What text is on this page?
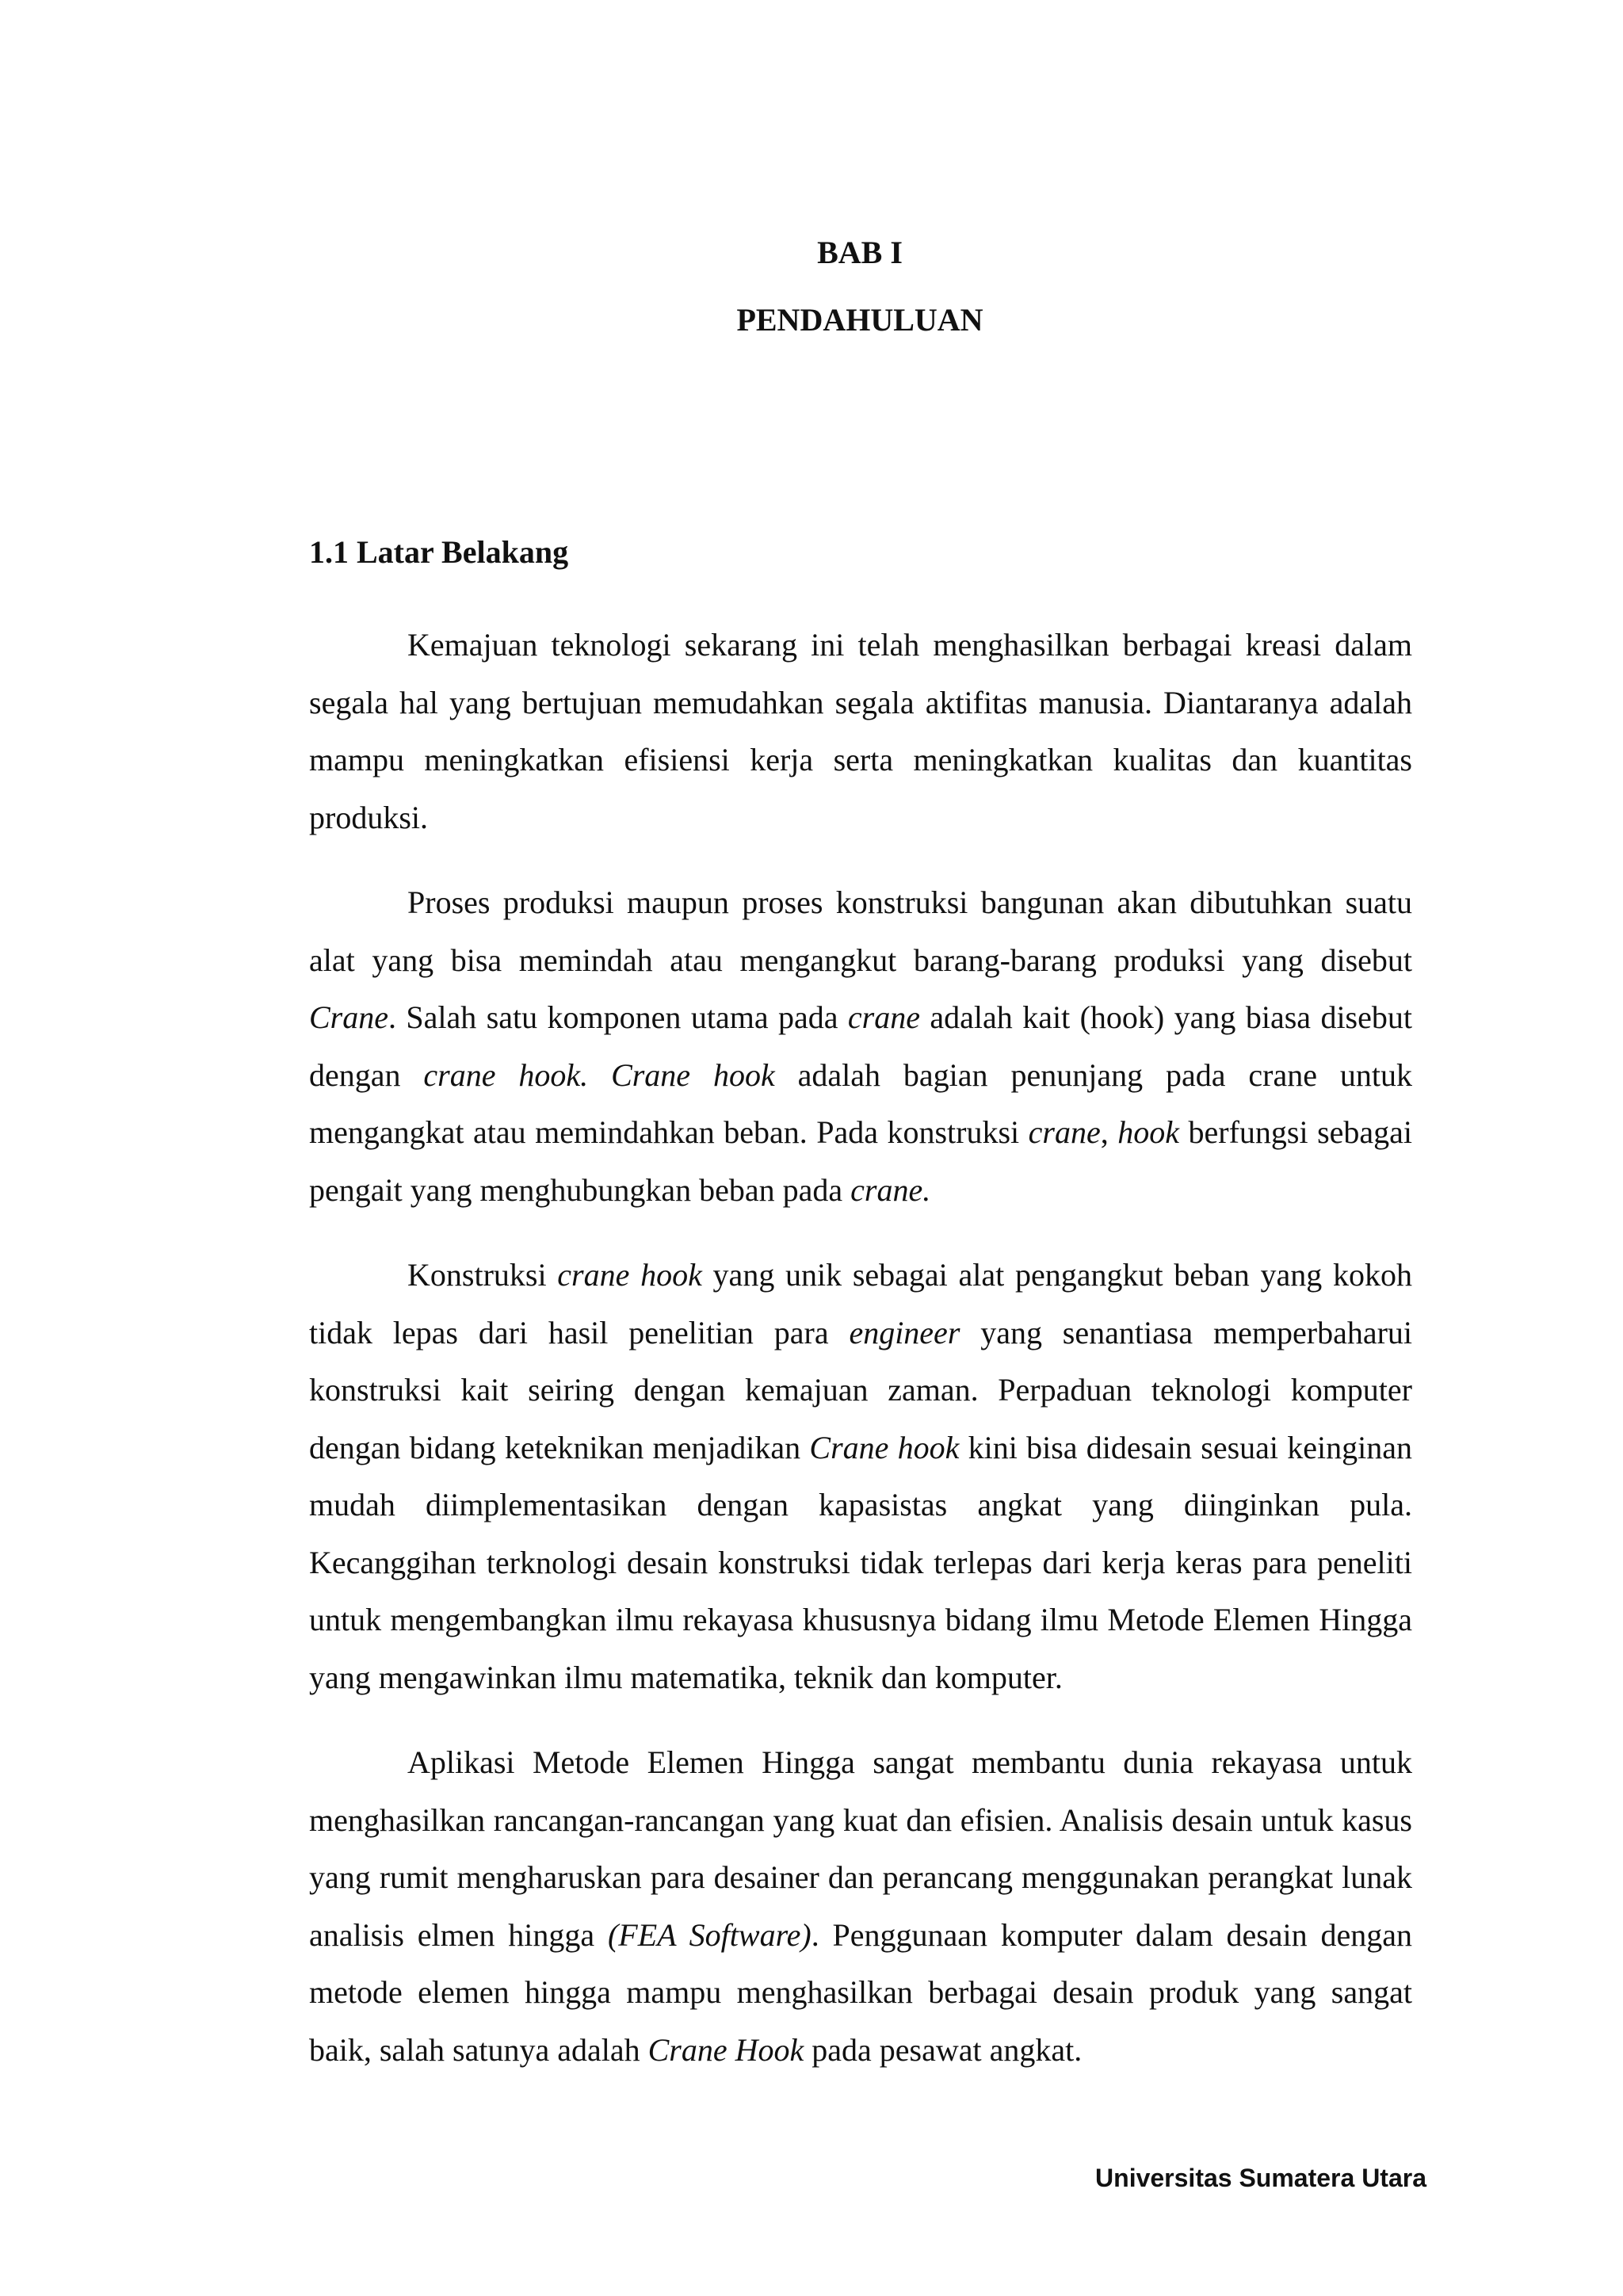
BAB I
PENDAHULUAN
1.1 Latar Belakang

Kemajuan teknologi sekarang ini telah menghasilkan berbagai kreasi dalam segala hal yang bertujuan memudahkan segala aktifitas manusia. Diantaranya adalah mampu meningkatkan efisiensi kerja serta meningkatkan kualitas dan kuantitas produksi.

Proses produksi maupun proses konstruksi bangunan akan dibutuhkan suatu alat yang bisa memindah atau mengangkut barang-barang produksi yang disebut Crane. Salah satu komponen utama pada crane adalah kait (hook) yang biasa disebut dengan crane hook. Crane hook adalah bagian penunjang pada crane untuk mengangkat atau memindahkan beban. Pada konstruksi crane, hook berfungsi sebagai pengait yang menghubungkan beban pada crane.

Konstruksi crane hook yang unik sebagai alat pengangkut beban yang kokoh tidak lepas dari hasil penelitian para engineer yang senantiasa memperbaharui konstruksi kait seiring dengan kemajuan zaman. Perpaduan teknologi komputer dengan bidang keteknikan menjadikan Crane hook kini bisa didesain sesuai keinginan mudah diimplementasikan dengan kapasistas angkat yang diinginkan pula. Kecanggihan terknologi desain konstruksi tidak terlepas dari kerja keras para peneliti untuk mengembangkan ilmu rekayasa khususnya bidang ilmu Metode Elemen Hingga yang mengawinkan ilmu matematika, teknik dan komputer.

Aplikasi Metode Elemen Hingga sangat membantu dunia rekayasa untuk menghasilkan rancangan-rancangan yang kuat dan efisien. Analisis desain untuk kasus yang rumit mengharuskan para desainer dan perancang menggunakan perangkat lunak analisis elmen hingga (FEA Software). Penggunaan komputer dalam desain dengan metode elemen hingga mampu menghasilkan berbagai desain produk yang sangat baik, salah satunya adalah Crane Hook pada pesawat angkat.

Universitas Sumatera Utara
